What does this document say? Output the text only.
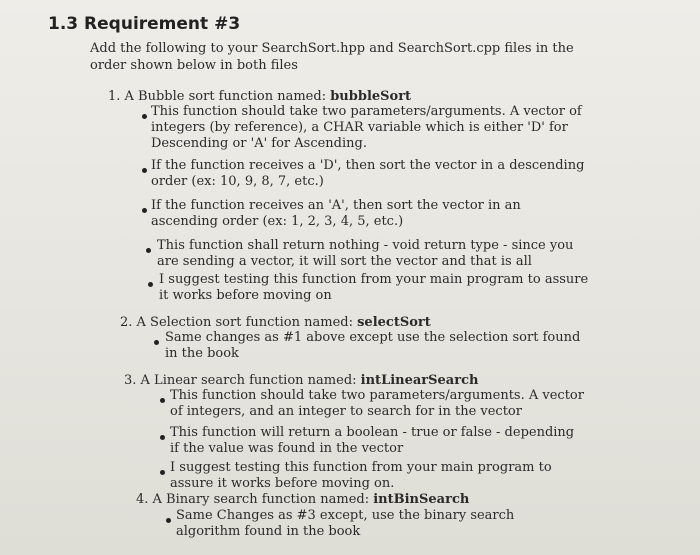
1.3 Requirement #3
Add the following to your SearchSort.hpp and SearchSort.cpp files in the order shown below in both files
1. A Bubble sort function named: bubbleSort
This function should take two parameters/arguments. A vector of integers (by reference), a CHAR variable which is either 'D' for Descending or 'A' for Ascending.
If the function receives a 'D', then sort the vector in a descending order (ex: 10, 9, 8, 7, etc.)
If the function receives an 'A', then sort the vector in an ascending order (ex: 1, 2, 3, 4, 5, etc.)
This function shall return nothing - void return type - since you are sending a vector, it will sort the vector and that is all
I suggest testing this function from your main program to assure it works before moving on
2. A Selection sort function named: selectSort
Same changes as #1 above except use the selection sort found in the book
3. A Linear search function named: intLinearSearch
This function should take two parameters/arguments. A vector of integers, and an integer to search for in the vector
This function will return a boolean - true or false - depending if the value was found in the vector
I suggest testing this function from your main program to assure it works before moving on.
4. A Binary search function named: intBinSearch
Same Changes as #3 except, use the binary search algorithm found in the book
